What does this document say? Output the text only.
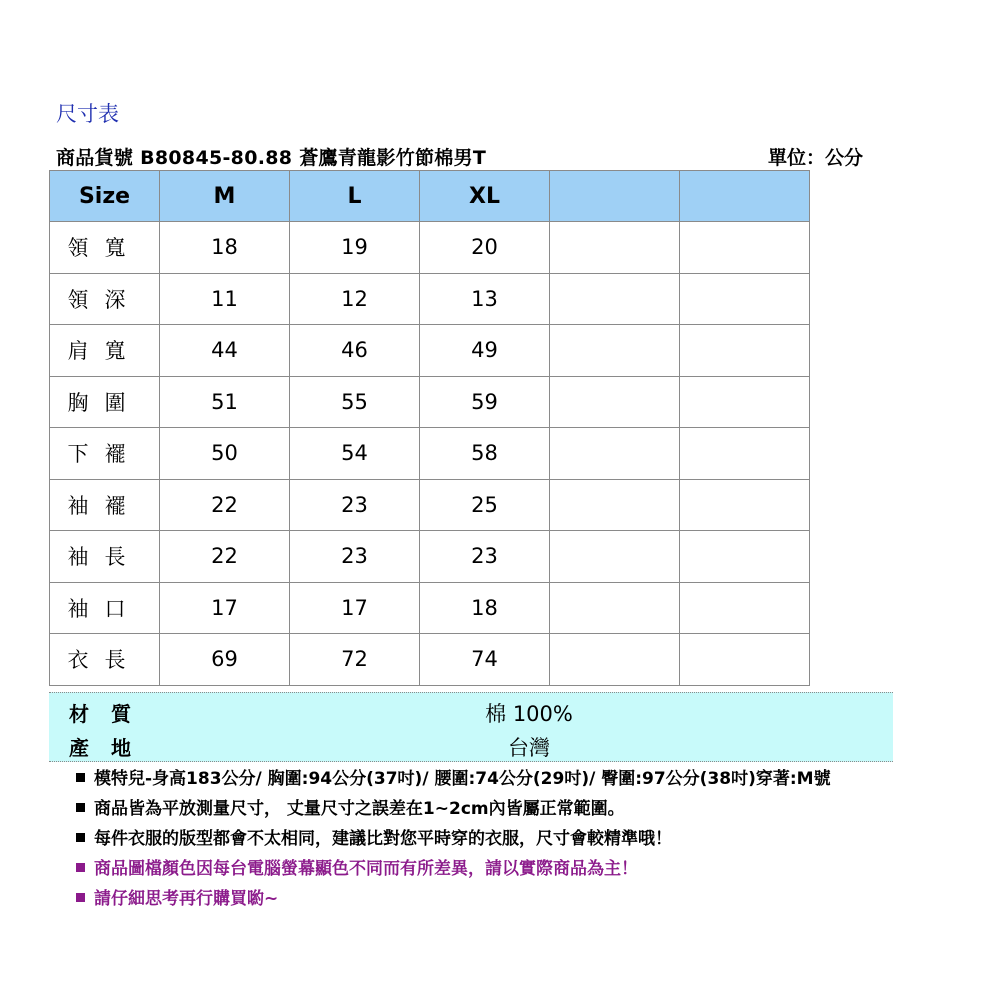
尺寸表
商品貨號 B80845-80.88 蒼鷹青龍影竹節棉男T	單位：公分
Size	M	L	XL		
領寬	18	19	20		
領深	11	12	13		
肩寬	44	46	49		
胸圍	51	55	59		
下襬	50	54	58		
袖襬	22	23	25		
袖長	22	23	23		
袖口	17	17	18		
衣長	69	72	74		
材質	棉 100%
產地	台灣
模特兒-身高183公分/ 胸圍:94公分(37吋)/ 腰圍:74公分(29吋)/ 臀圍:97公分(38吋)穿著:M號
商品皆為平放測量尺寸， 丈量尺寸之誤差在1~2cm內皆屬正常範圍。
每件衣服的版型都會不太相同，建議比對您平時穿的衣服，尺寸會較精準哦！
商品圖檔顏色因每台電腦螢幕顯色不同而有所差異，請以實際商品為主！
請仔細思考再行購買喲~
